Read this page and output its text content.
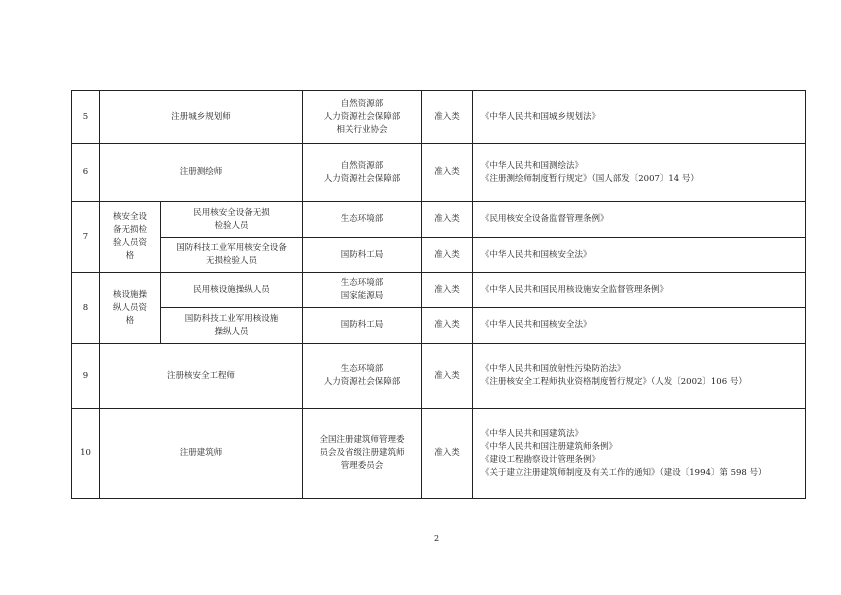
5	注册城乡规划师		自然资源部
人力资源社会保障部
相关行业协会	准入类	《中华人民共和国城乡规划法》

6	注册测绘师		自然资源部
人力资源社会保障部	准入类	《中华人民共和国测绘法》
《注册测绘师制度暂行规定》（国人部发〔2007〕14 号）

7	核安全设
备无损检
验人员资
格	民用核安全设备无损
检验人员	生态环境部	准入类	《民用核安全设备监督管理条例》

		国防科技工业军用核安全设备
无损检验人员	国防科工局	准入类	《中华人民共和国核安全法》

8	核设施操
纵人员资
格	民用核设施操纵人员	生态环境部
国家能源局	准入类	《中华人民共和国民用核设施安全监督管理条例》

		国防科技工业军用核设施
操纵人员	国防科工局	准入类	《中华人民共和国核安全法》

9	注册核安全工程师		生态环境部
人力资源社会保障部	准入类	《中华人民共和国放射性污染防治法》
《注册核安全工程师执业资格制度暂行规定》（人发〔2002〕106 号）

10	注册建筑师		全国注册建筑师管理委
员会及省级注册建筑师
管理委员会	准入类	《中华人民共和国建筑法》
《中华人民共和国注册建筑师条例》
《建设工程勘察设计管理条例》
《关于建立注册建筑师制度及有关工作的通知》（建设〔1994〕第 598 号）
2
